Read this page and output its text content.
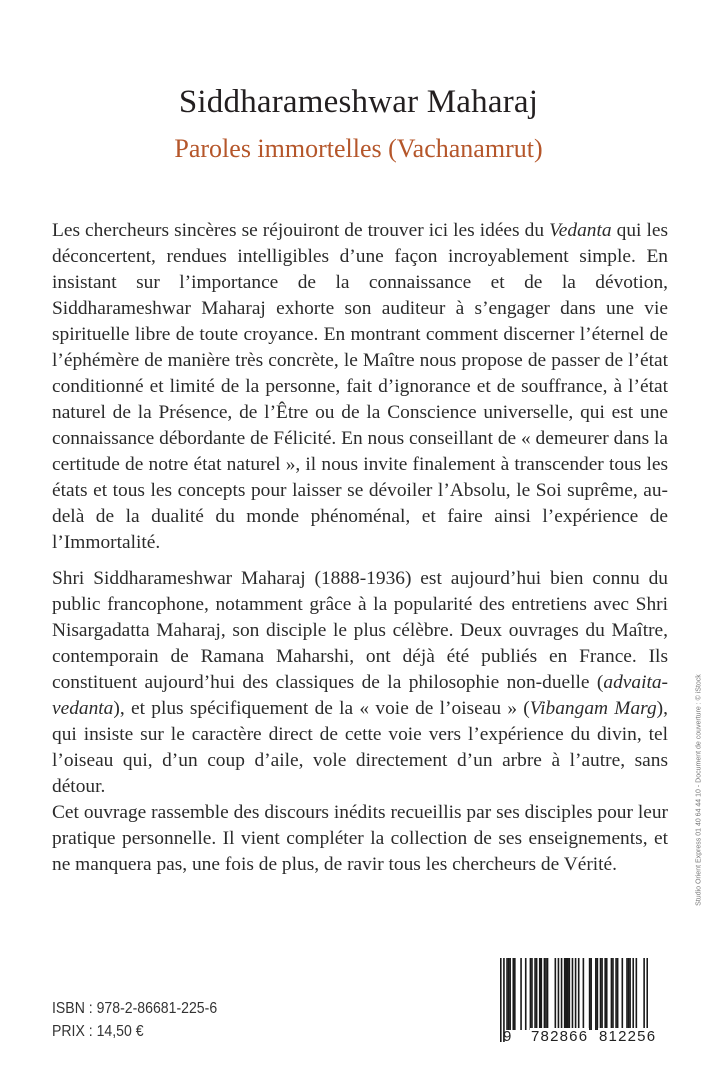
Siddharameshwar Maharaj
Paroles immortelles (Vachanamrut)

Les chercheurs sincères se réjouiront de trouver ici les idées du Vedanta qui les déconcertent, rendues intelligibles d’une façon incroyablement simple. En insistant sur l’importance de la connaissance et de la dévotion, Siddharameshwar Maharaj exhorte son auditeur à s’engager dans une vie spirituelle libre de toute croyance. En montrant comment discerner l’éternel de l’éphémère de manière très concrète, le Maître nous propose de passer de l’état conditionné et limité de la personne, fait d’ignorance et de souffrance, à l’état naturel de la Présence, de l’Être ou de la Conscience universelle, qui est une connaissance débordante de Félicité. En nous conseillant de « demeurer dans la certitude de notre état naturel », il nous invite finalement à transcender tous les états et tous les concepts pour laisser se dévoiler l’Absolu, le Soi suprême, au-delà de la dualité du monde phénoménal, et faire ainsi l’expérience de l’Immortalité.

Shri Siddharameshwar Maharaj (1888-1936) est aujourd’hui bien connu du public francophone, notamment grâce à la popularité des entretiens avec Shri Nisargadatta Maharaj, son disciple le plus célèbre. Deux ouvrages du Maître, contemporain de Ramana Maharshi, ont déjà été publiés en France. Ils constituent aujourd’hui des classiques de la philosophie non-duelle (advaita-vedanta), et plus spécifiquement de la « voie de l’oiseau » (Vibangam Marg), qui insiste sur le caractère direct de cette voie vers l’expérience du divin, tel l’oiseau qui, d’un coup d’aile, vole directement d’un arbre à l’autre, sans détour.

Cet ouvrage rassemble des discours inédits recueillis par ses disciples pour leur pratique personnelle. Il vient compléter la collection de ses enseignements, et ne manquera pas, une fois de plus, de ravir tous les chercheurs de Vérité.	Studio Orient Express 01 40 64 44 10 - Document de couverture : © iStock
ISBN : 978-2-86681-225-6
PRIX : 14,50 €	9 782866 812256
